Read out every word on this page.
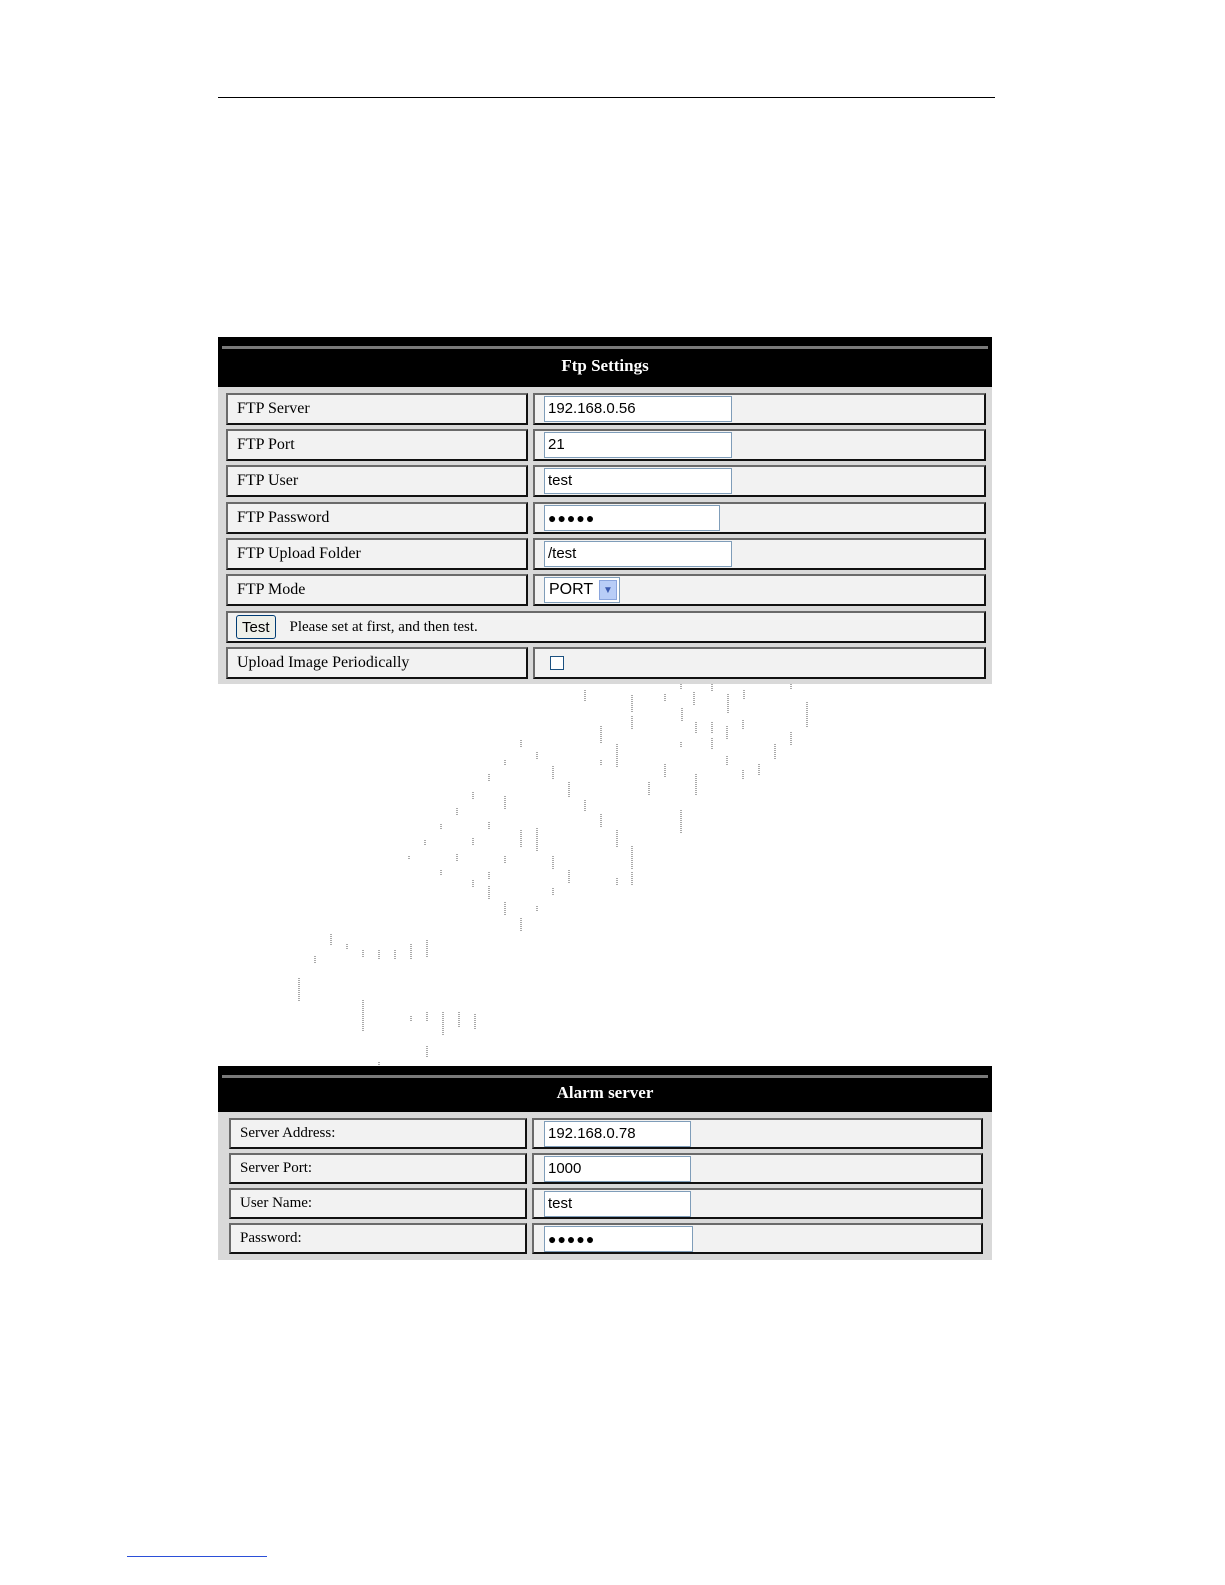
Ftp Settings
FTP Server	192.168.0.56
FTP Port	21
FTP User	test
FTP Password	●●●●●
FTP Upload Folder	/test
FTP Mode	PORT ▼
Test	Please set at first, and then test.
Upload Image Periodically
Alarm server
Server Address:	192.168.0.78
Server Port:	1000
User Name:	test
Password:	●●●●●
